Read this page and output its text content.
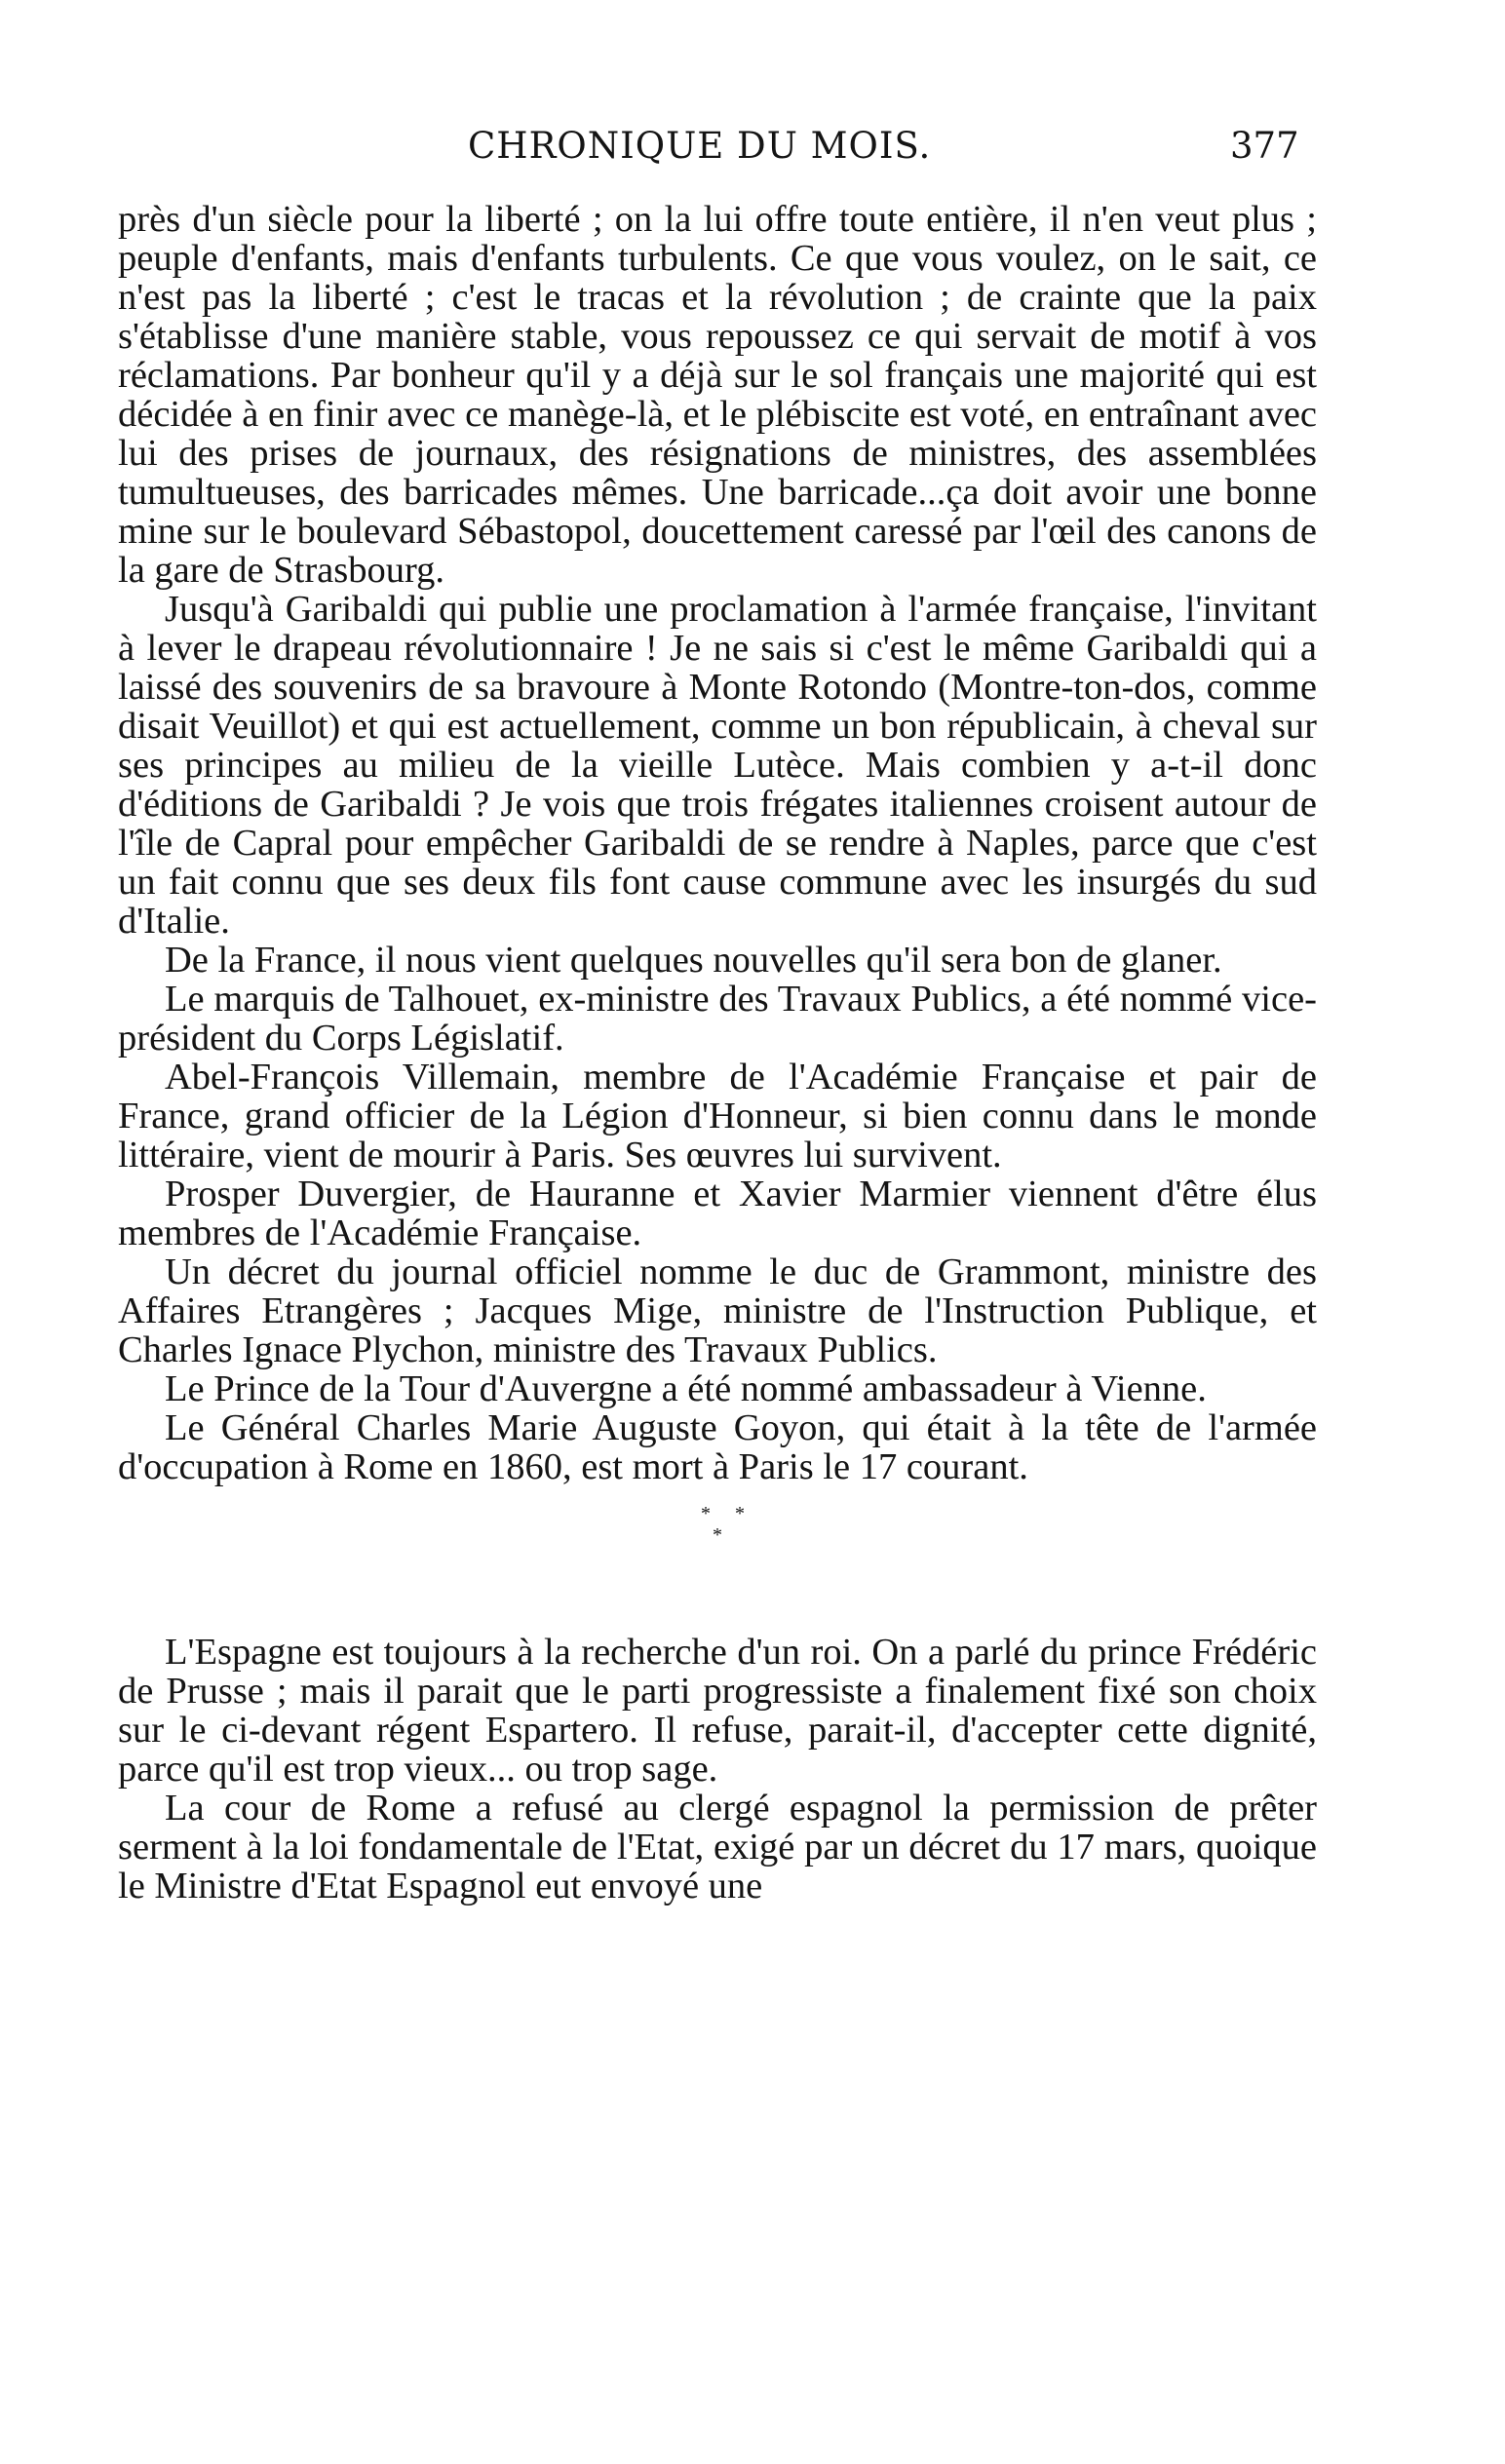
CHRONIQUE DU MOIS.	377

près d'un siècle pour la liberté ; on la lui offre toute entière, il n'en veut plus ; peuple d'enfants, mais d'enfants turbulents. Ce que vous voulez, on le sait, ce n'est pas la liberté ; c'est le tracas et la révolution ; de crainte que la paix s'établisse d'une manière stable, vous repoussez ce qui servait de motif à vos réclamations. Par bonheur qu'il y a déjà sur le sol français une majorité qui est décidée à en finir avec ce manège-là, et le plébiscite est voté, en entraînant avec lui des prises de journaux, des résignations de ministres, des assemblées tumultueuses, des barricades mêmes. Une barricade...ça doit avoir une bonne mine sur le boulevard Sébastopol, doucettement caressé par l'œil des canons de la gare de Strasbourg.

Jusqu'à Garibaldi qui publie une proclamation à l'armée française, l'invitant à lever le drapeau révolutionnaire ! Je ne sais si c'est le même Garibaldi qui a laissé des souvenirs de sa bravoure à Monte Rotondo (Montre-ton-dos, comme disait Veuillot) et qui est actuellement, comme un bon républicain, à cheval sur ses principes au milieu de la vieille Lutèce. Mais combien y a-t-il donc d'éditions de Garibaldi ? Je vois que trois frégates italiennes croisent autour de l'île de Capral pour empêcher Garibaldi de se rendre à Naples, parce que c'est un fait connu que ses deux fils font cause commune avec les insurgés du sud d'Italie.

De la France, il nous vient quelques nouvelles qu'il sera bon de glaner.

Le marquis de Talhouet, ex-ministre des Travaux Publics, a été nommé vice-président du Corps Législatif.

Abel-François Villemain, membre de l'Académie Française et pair de France, grand officier de la Légion d'Honneur, si bien connu dans le monde littéraire, vient de mourir à Paris. Ses œuvres lui survivent.

Prosper Duvergier, de Hauranne et Xavier Marmier viennent d'être élus membres de l'Académie Française.

Un décret du journal officiel nomme le duc de Grammont, ministre des Affaires Etrangères ; Jacques Mige, ministre de l'Instruction Publique, et Charles Ignace Plychon, ministre des Travaux Publics.

Le Prince de la Tour d'Auvergne a été nommé ambassadeur à Vienne.

Le Général Charles Marie Auguste Goyon, qui était à la tête de l'armée d'occupation à Rome en 1860, est mort à Paris le 17 courant.

* *
*

L'Espagne est toujours à la recherche d'un roi. On a parlé du prince Frédéric de Prusse ; mais il parait que le parti progressiste a finalement fixé son choix sur le ci-devant régent Espartero. Il refuse, parait-il, d'accepter cette dignité, parce qu'il est trop vieux... ou trop sage.

La cour de Rome a refusé au clergé espagnol la permission de prêter serment à la loi fondamentale de l'Etat, exigé par un décret du 17 mars, quoique le Ministre d'Etat Espagnol eut envoyé une
